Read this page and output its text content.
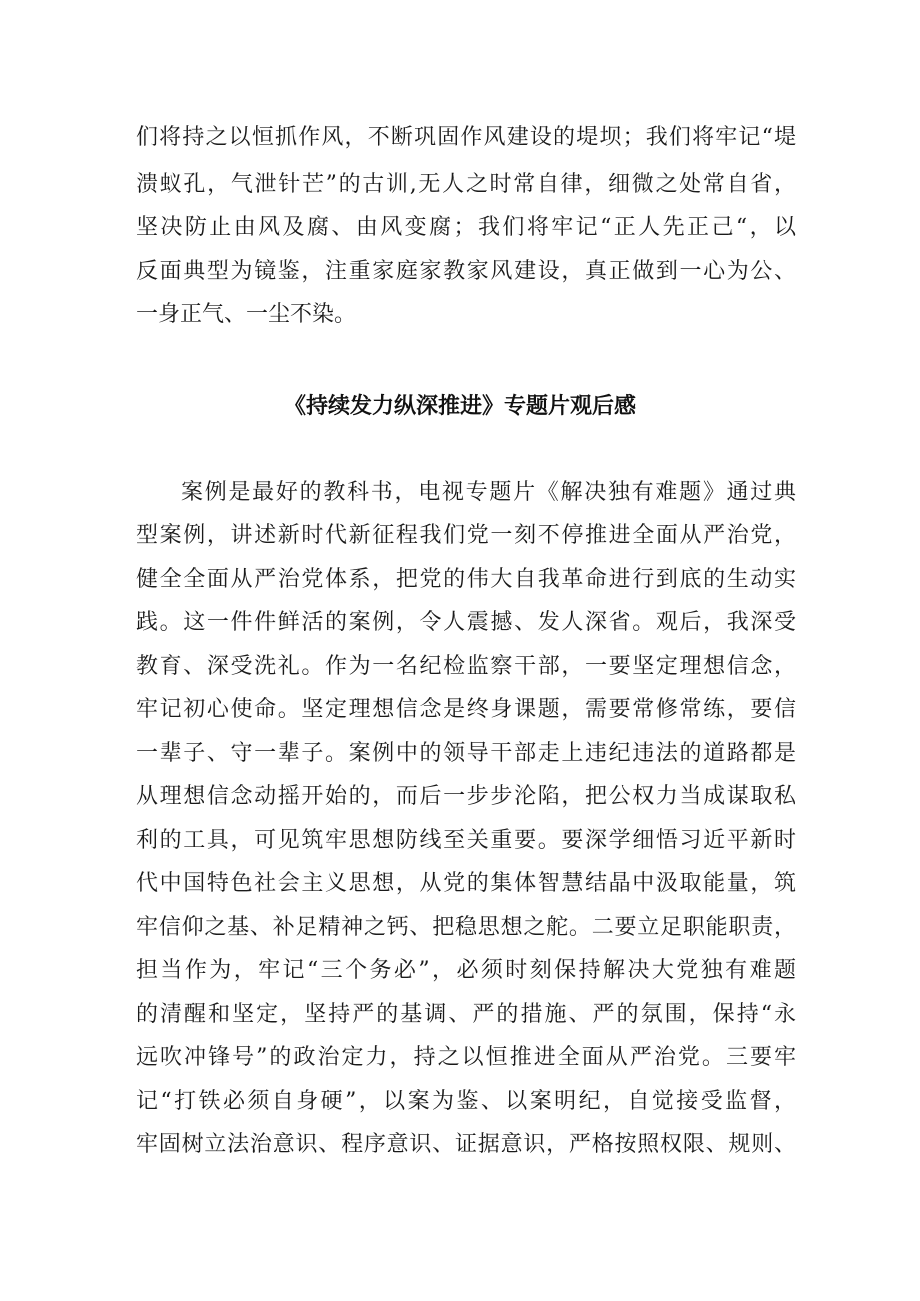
们将持之以恒抓作风，不断巩固作风建设的堤坝；我们将牢记“堤

溃蚁孔，气泄针芒”的古训,无人之时常自律，细微之处常自省，

坚决防止由风及腐、由风变腐；我们将牢记“正人先正己“，以

反面典型为镜鉴，注重家庭家教家风建设，真正做到一心为公、

一身正气、一尘不染。

《持续发力纵深推进》专题片观后感

案例是最好的教科书，电视专题片《解决独有难题》通过典

型案例，讲述新时代新征程我们党一刻不停推进全面从严治党，

健全全面从严治党体系，把党的伟大自我革命进行到底的生动实

践。这一件件鲜活的案例，令人震撼、发人深省。观后，我深受

教育、深受洗礼。作为一名纪检监察干部，一要坚定理想信念，

牢记初心使命。坚定理想信念是终身课题，需要常修常练，要信

一辈子、守一辈子。案例中的领导干部走上违纪违法的道路都是

从理想信念动摇开始的，而后一步步沦陷，把公权力当成谋取私

利的工具，可见筑牢思想防线至关重要。要深学细悟习近平新时

代中国特色社会主义思想，从党的集体智慧结晶中汲取能量，筑

牢信仰之基、补足精神之钙、把稳思想之舵。二要立足职能职责，

担当作为，牢记“三个务必”，必须时刻保持解决大党独有难题

的清醒和坚定，坚持严的基调、严的措施、严的氛围，保持“永

远吹冲锋号”的政治定力，持之以恒推进全面从严治党。三要牢

记“打铁必须自身硬”，以案为鉴、以案明纪，自觉接受监督，

牢固树立法治意识、程序意识、证据意识，严格按照权限、规则、
